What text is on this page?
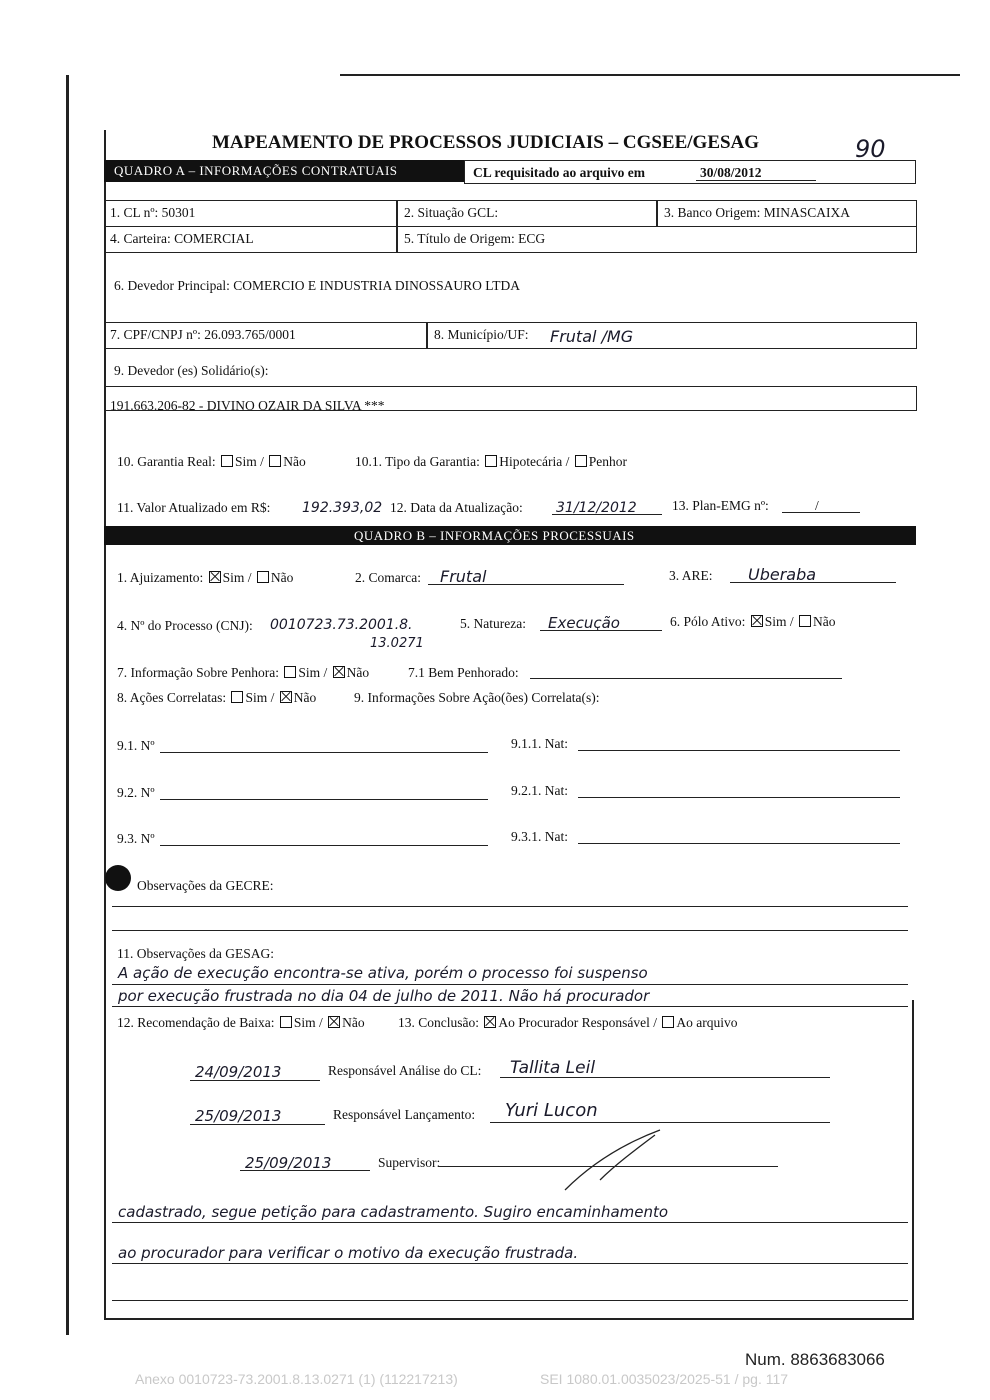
MAPEAMENTO DE PROCESSOS JUDICIAIS – CGSEE/GESAG	90
QUADRO A – INFORMAÇÕES CONTRATUAIS	CL requisitado ao arquivo em	30/08/2012
1. CL nº: 50301	2. Situação GCL:	3. Banco Origem: MINASCAIXA
4. Carteira: COMERCIAL	5. Título de Origem: ECG
6. Devedor Principal: COMERCIO E INDUSTRIA DINOSSAURO LTDA
7. CPF/CNPJ nº: 26.093.765/0001	8. Município/UF: Frutal /MG
9. Devedor (es) Solidário(s):
191.663.206-82 - DIVINO OZAIR DA SILVA ***
10. Garantia Real: Sim / Não	10.1. Tipo da Garantia: Hipotecária / Penhor
11. Valor Atualizado em R$: 192.393,02 12. Data da Atualização: 31/12/2012	13. Plan-EMG nº:	/
QUADRO B – INFORMAÇÕES PROCESSUAIS
1. Ajuizamento: Sim / Não	2. Comarca: Frutal	3. ARE: Uberaba
4. Nº do Processo (CNJ): 0010723.73.2001.8.
13.0271
5. Natureza: Execução	6. Pólo Ativo: Sim / Não
7. Informação Sobre Penhora: Sim / Não	7.1 Bem Penhorado:
8. Ações Correlatas: Sim / Não	9. Informações Sobre Ação(ões) Correlata(s):
9.1. Nº	9.1.1. Nat:
9.2. Nº	9.2.1. Nat:
9.3. Nº	9.3.1. Nat:
Observações da GECRE:
11. Observações da GESAG:
A ação de execução encontra-se ativa, porém o processo foi suspenso
por execução frustrada no dia 04 de julho de 2011. Não há procurador
12. Recomendação de Baixa: Sim / Não 13. Conclusão: Ao Procurador Responsável / Ao arquivo
24/09/2013	Responsável Análise do CL: Tallita Leil
25/09/2013	Responsável Lançamento: Yuri Lucon
25/09/2013	Supervisor:
cadastrado, segue petição para cadastramento. Sugiro encaminhamento
ao procurador para verificar o motivo da execução frustrada.
Num. 8863683066
Anexo 0010723-73.2001.8.13.0271 (1) (112217213)	SEI 1080.01.0035023/2025-51 / pg. 117
